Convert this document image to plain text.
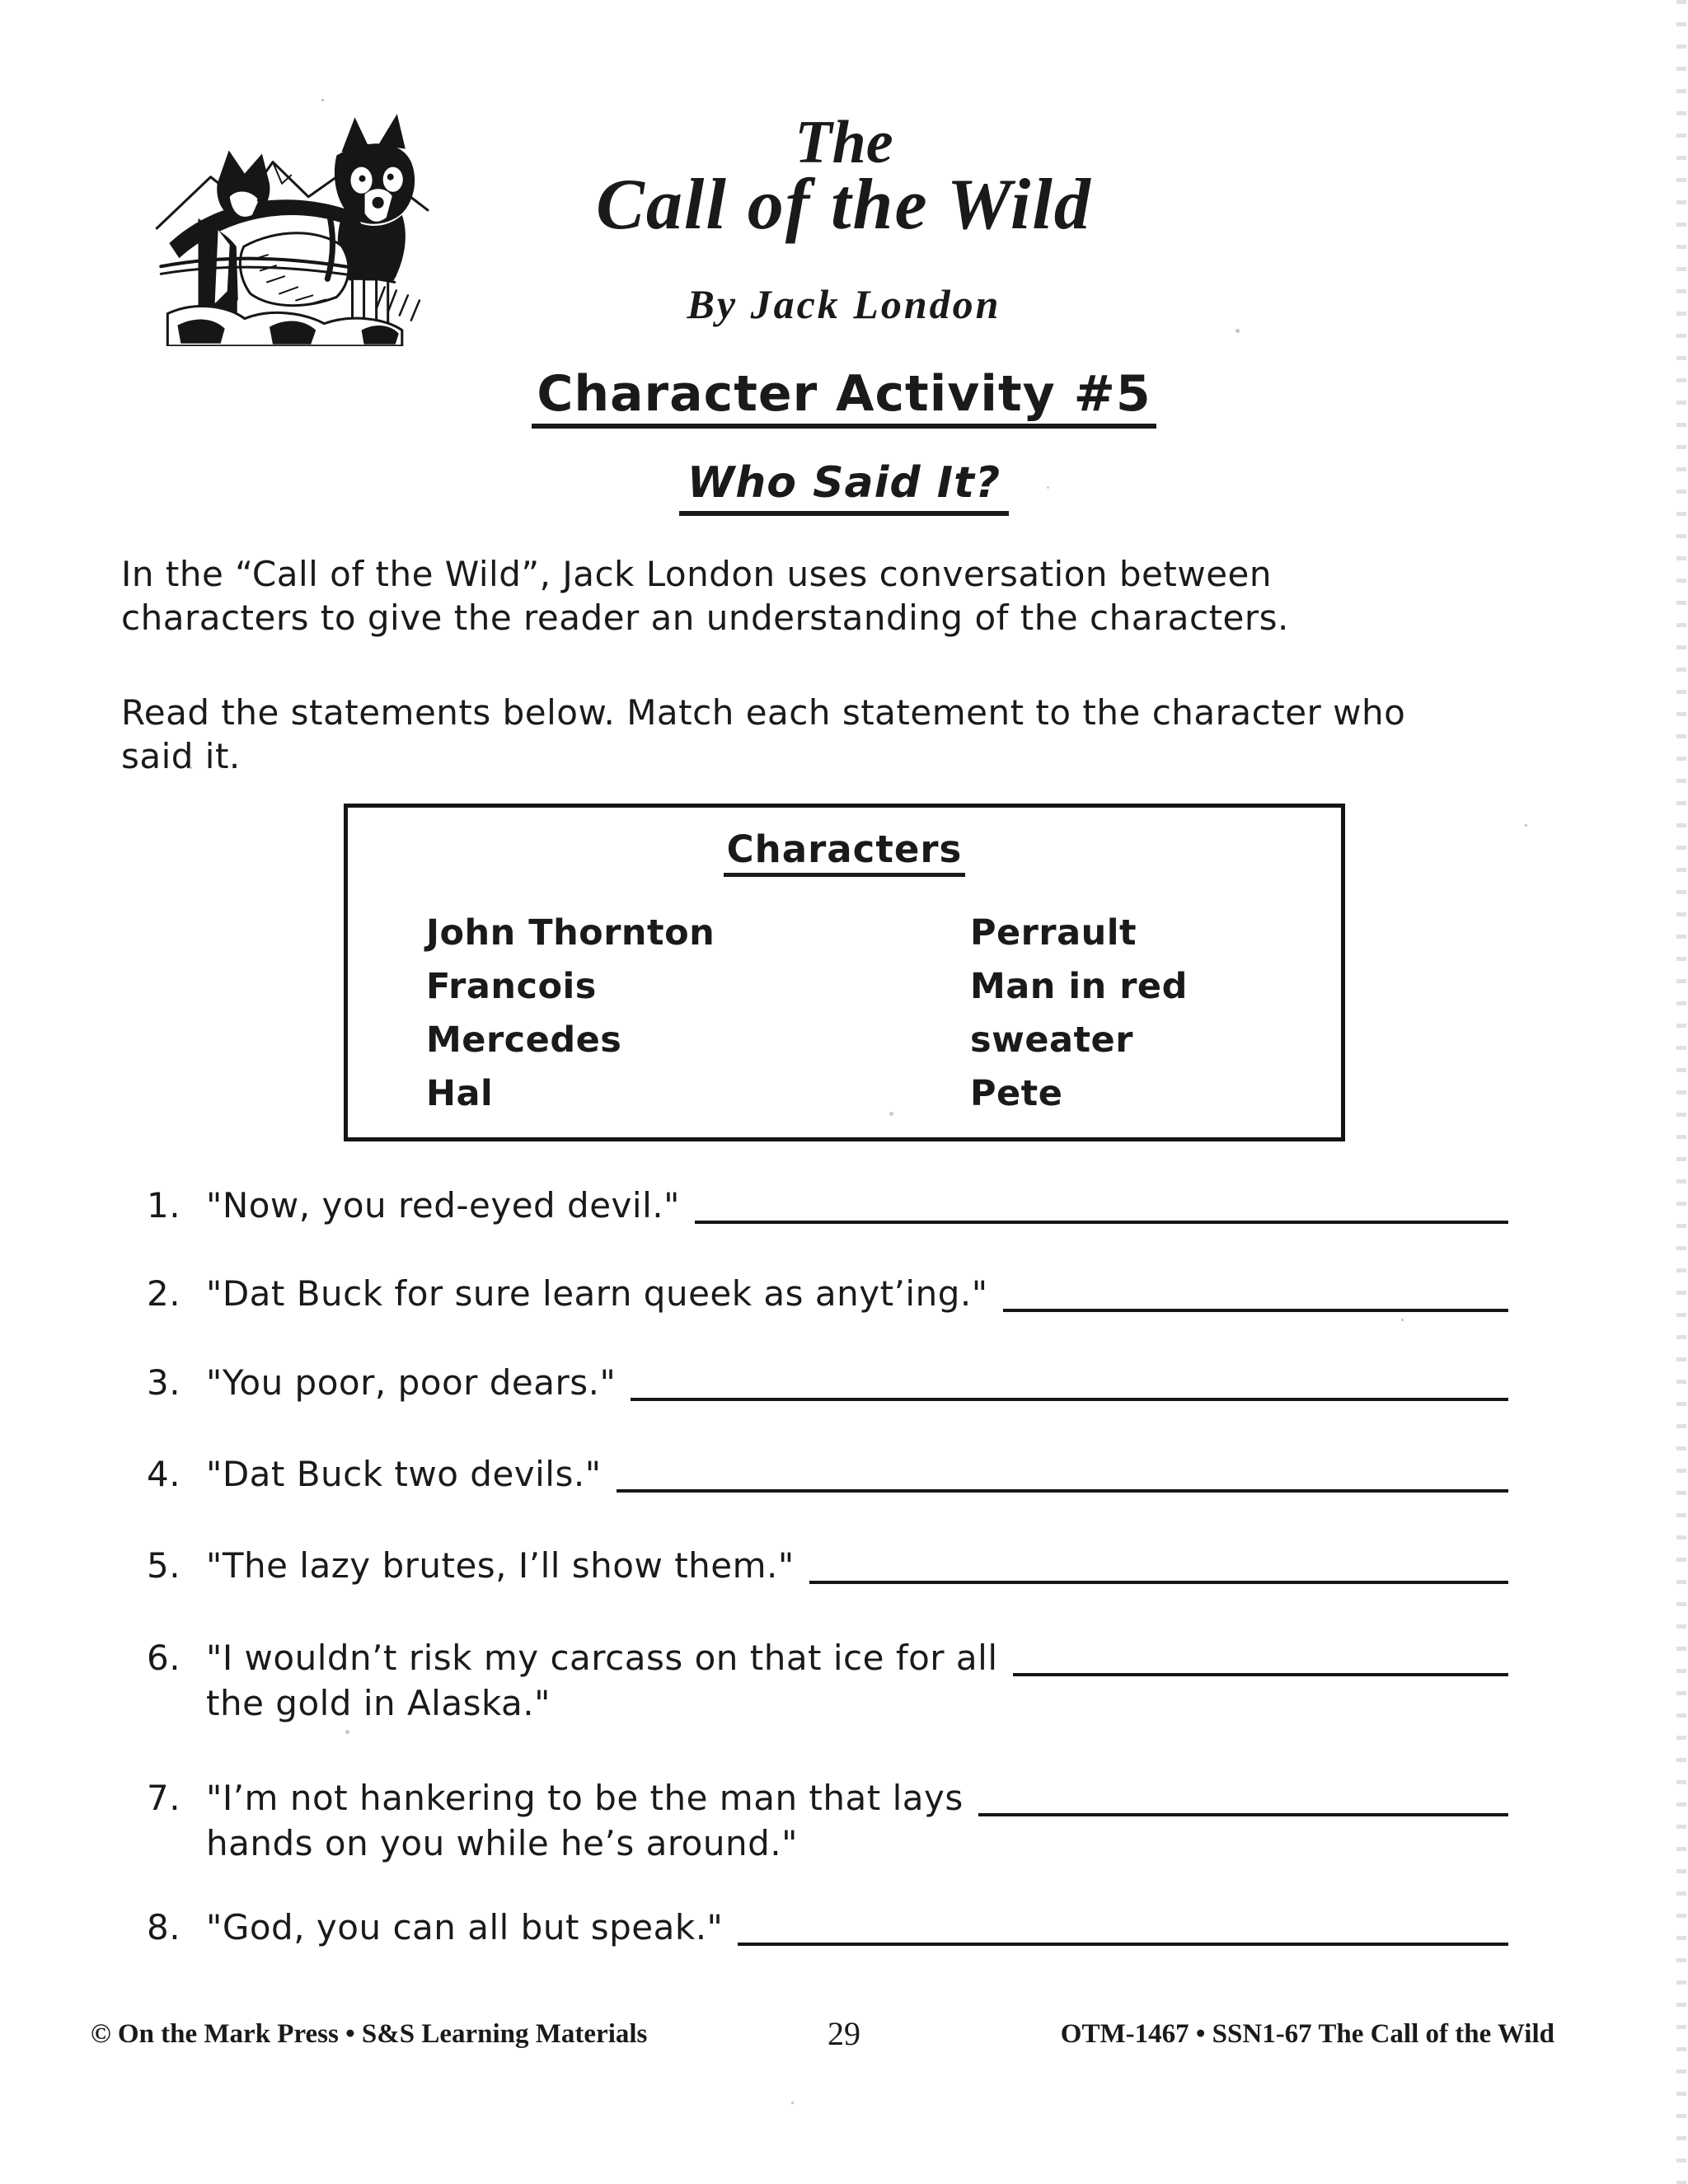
The
Call of the Wild
By Jack London
Character Activity #5
Who Said It?
In the “Call of the Wild”, Jack London uses conversation between
characters to give the reader an understanding of the characters.
Read the statements below. Match each statement to the character who
said it.
Characters
John Thornton
Francois
Mercedes
Hal
Perrault
Man in red sweater
Pete
1. "Now, you red-eyed devil."
2. "Dat Buck for sure learn queek as anyt’ing."
3. "You poor, poor dears."
4. "Dat Buck two devils."
5. "The lazy brutes, I’ll show them."
6. "I wouldn’t risk my carcass on that ice for all
the gold in Alaska."
7. "I’m not hankering to be the man that lays
hands on you while he’s around."
8. "God, you can all but speak."
© On the Mark Press • S&S Learning Materials	29	OTM-1467 • SSN1-67 The Call of the Wild
